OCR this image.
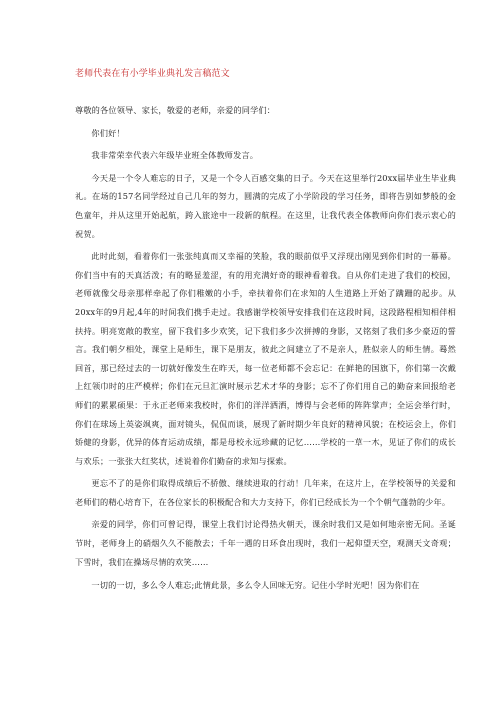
老师代表在有小学毕业典礼发言稿范文

尊敬的各位领导、家长，敬爱的老师，亲爱的同学们：

你们好！

我非常荣幸代表六年级毕业班全体教师发言。

今天是一个令人难忘的日子，又是一个令人百感交集的日子。今天在这里举行20xx届毕业生毕业典礼。在场的157名同学经过自己几年的努力，圆满的完成了小学阶段的学习任务，即将告别如梦般的金色童年，并从这里开始起航，跨入旅途中一段新的航程。在这里，让我代表全体教师向你们表示衷心的祝贺。

此时此刻，看着你们一张张纯真而又幸福的笑脸，我的眼前似乎又浮现出刚见到你们时的一幕幕。你们当中有的天真活泼；有的略显羞涩，有的用充满好奇的眼神看着我。自从你们走进了我们的校园，老师就像父母亲那样牵起了你们稚嫩的小手，牵扶着你们在求知的人生道路上开始了蹒跚的起步。从20xx年的9月起,4年的时间我们携手走过。我感谢学校领导安排我们在这段时间，这段路程相知相伴相扶持。明亮宽敞的教室，留下我们多少欢笑，记下我们多少次拼搏的身影，又铭刻了我们多少豪迈的誓言。我们朝夕相处，课堂上是师生，课下是朋友，彼此之间建立了不是亲人，胜似亲人的师生情。蓦然回首，那已经过去的一切就好像发生在昨天，每一位老师都不会忘记：在鲜艳的国旗下，你们第一次戴上红领巾时的庄严模样；你们在元旦汇演时展示艺术才华的身影；忘不了你们用自己的勤奋来回报给老师们的累累硕果：于永正老师来我校时，你们的洋洋洒洒，博得与会老师的阵阵掌声；全运会举行时，你们在球场上英姿飒爽，面对镜头，侃侃而谈，展现了新时期少年良好的精神风貌；在校运会上，你们矫健的身影，优异的体育运动成绩，都是母校永远珍藏的记忆……学校的一草一木，见证了你们的成长与欢乐；一张张大红奖状，述说着你们勤奋的求知与探索。

更忘不了的是你们取得成绩后不骄傲、继续进取的行动！几年来，在这片上，在学校领导的关爱和老师们的精心培育下，在各位家长的积极配合和大力支持下，你们已经成长为一个个朝气蓬勃的少年。

亲爱的同学，你们可曾记得，课堂上我们讨论得热火朝天，课余时我们又是如何地亲密无间。圣诞节时，老师身上的硝烟久久不能散去；千年一遇的日环食出现时，我们一起仰望天空，观测天文奇观；下雪时，我们在操场尽情的欢笑……

一切的一切，多么令人难忘;此情此景，多么令人回味无穷。记住小学时光吧！因为你们在
